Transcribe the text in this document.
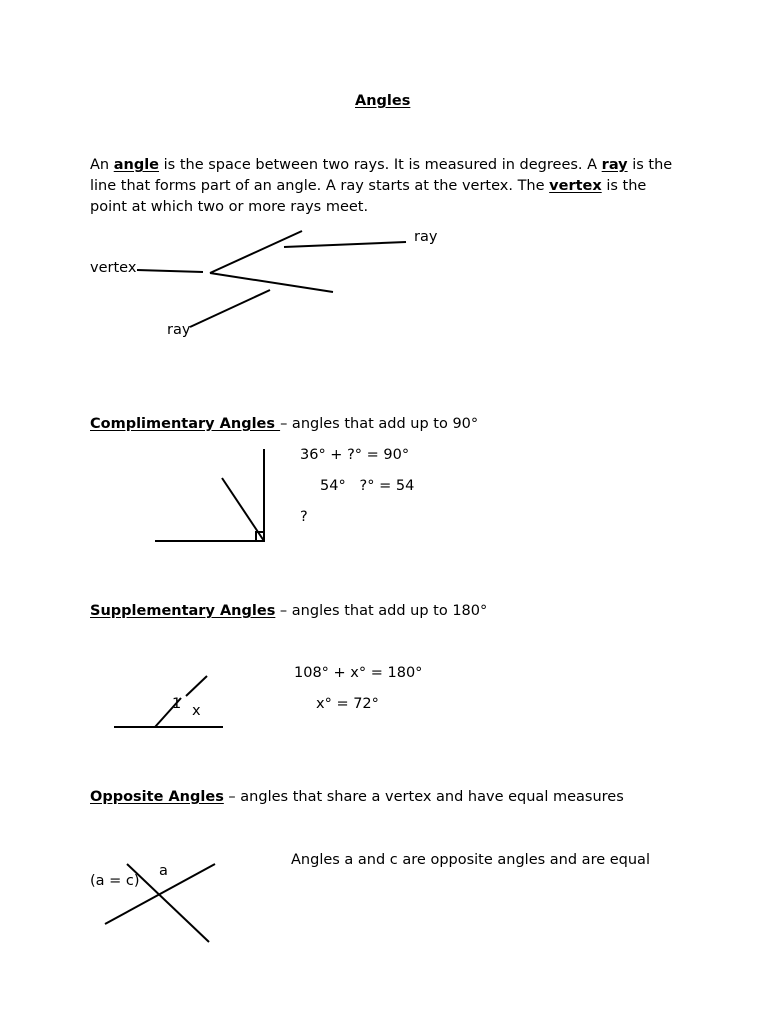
Angles
An angle is the space between two rays. It is measured in degrees. A ray is the line that forms part of an angle. A ray starts at the vertex. The vertex is the point at which two or more rays meet.
vertex
ray
ray
Complimentary Angles – angles that add up to 90°
36° + ?° = 90°
54°   ?° = 54
?
Supplementary Angles – angles that add up to 180°
108° + x° = 180°
x° = 72°
1 x
Opposite Angles – angles that share a vertex and have equal measures
Angles a and c are opposite angles and are equal
a
(a = c)
